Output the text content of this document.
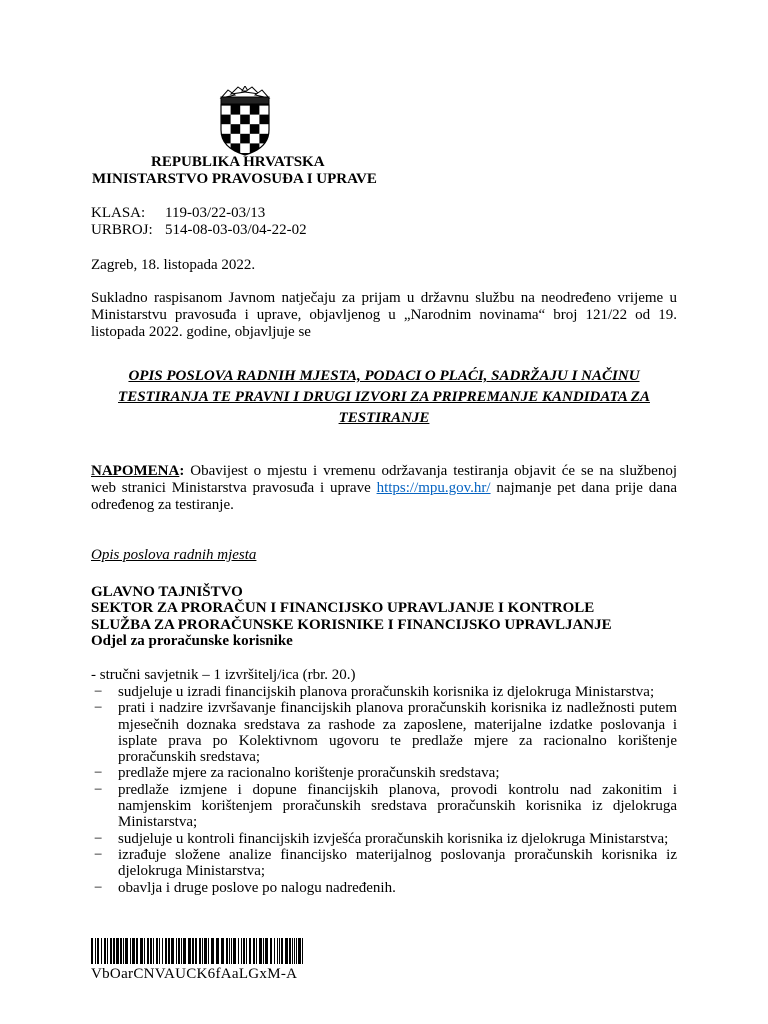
REPUBLIKA HRVATSKA
MINISTARSTVO PRAVOSUĐA I UPRAVE
KLASA: 119-03/22-03/13
URBROJ: 514-08-03-03/04-22-02
Zagreb, 18. listopada 2022.
Sukladno raspisanom Javnom natječaju za prijam u državnu službu na neodređeno vrijeme u Ministarstvu pravosuđa i uprave, objavljenog u „Narodnim novinama“ broj 121/22 od 19. listopada 2022. godine, objavljuje se
OPIS POSLOVA RADNIH MJESTA, PODACI O PLAĆI, SADRŽAJU I NAČINU TESTIRANJA TE PRAVNI I DRUGI IZVORI ZA PRIPREMANJE KANDIDATA ZA TESTIRANJE
NAPOMENA: Obavijest o mjestu i vremenu održavanja testiranja objavit će se na službenoj web stranici Ministarstva pravosuđa i uprave https://mpu.gov.hr/ najmanje pet dana prije dana određenog za testiranje.
Opis poslova radnih mjesta
GLAVNO TAJNIŠTVO
SEKTOR ZA PRORAČUN I FINANCIJSKO UPRAVLJANJE I KONTROLE
SLUŽBA ZA PRORAČUNSKE KORISNIKE I FINANCIJSKO UPRAVLJANJE
Odjel za proračunske korisnike
- stručni savjetnik – 1 izvršitelj/ica (rbr. 20.)
− sudjeluje u izradi financijskih planova proračunskih korisnika iz djelokruga Ministarstva;
− prati i nadzire izvršavanje financijskih planova proračunskih korisnika iz nadležnosti putem mjesečnih doznaka sredstava za rashode za zaposlene, materijalne izdatke poslovanja i isplate prava po Kolektivnom ugovoru te predlaže mjere za racionalno korištenje proračunskih sredstava;
− predlaže mjere za racionalno korištenje proračunskih sredstava;
− predlaže izmjene i dopune financijskih planova, provodi kontrolu nad zakonitim i namjenskim korištenjem proračunskih sredstava proračunskih korisnika iz djelokruga Ministarstva;
− sudjeluje u kontroli financijskih izvješća proračunskih korisnika iz djelokruga Ministarstva;
− izrađuje složene analize financijsko materijalnog poslovanja proračunskih korisnika iz djelokruga Ministarstva;
− obavlja i druge poslove po nalogu nadređenih.
VbOarCNVAUCK6fAaLGxM-A
